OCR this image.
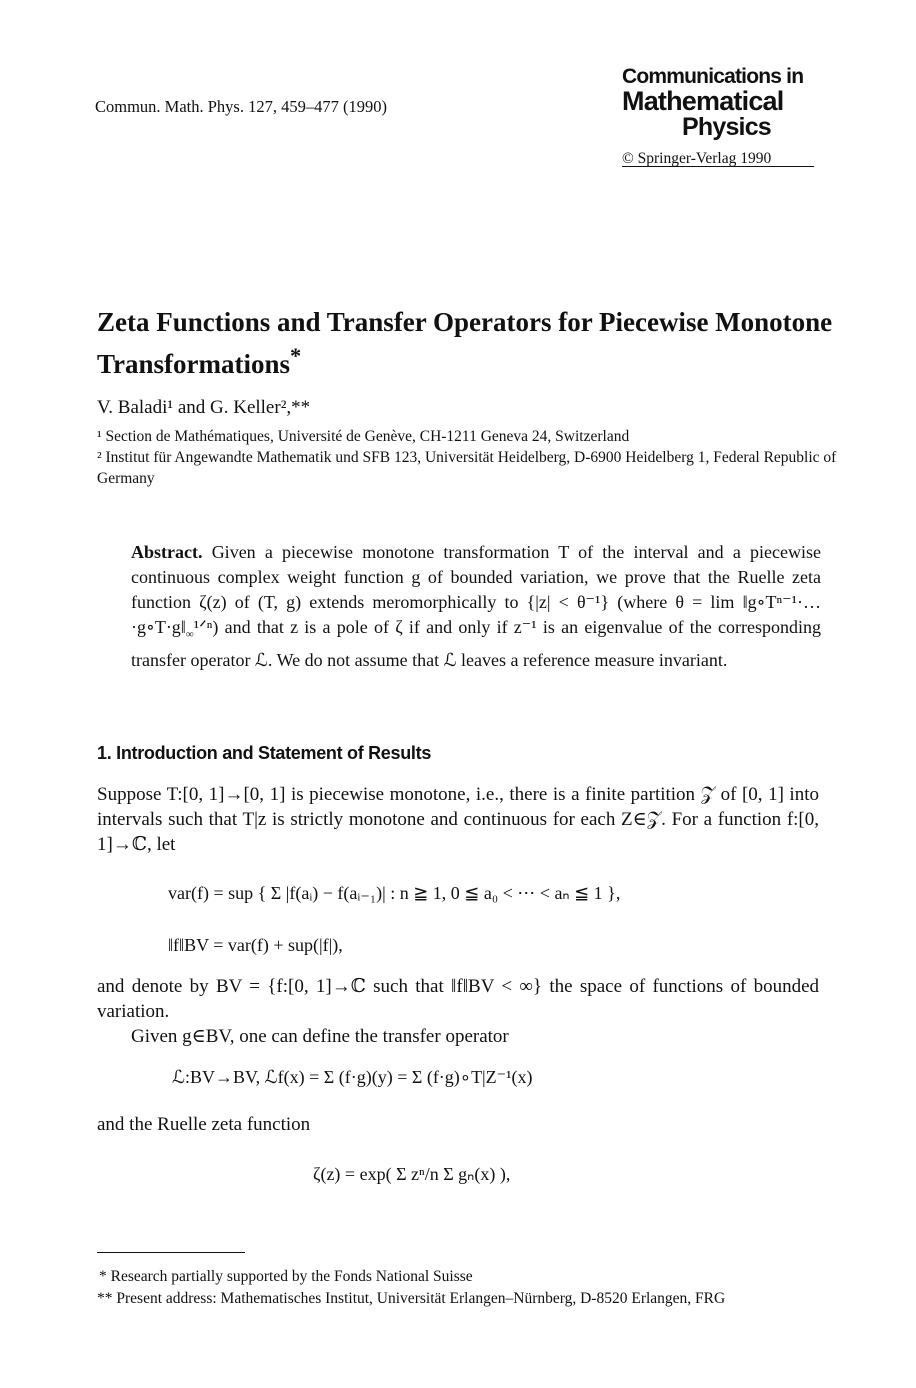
Commun. Math. Phys. 127, 459–477 (1990)
Communications in
Mathematical
Physics
© Springer-Verlag 1990
Zeta Functions and Transfer Operators for Piecewise Monotone Transformations*
V. Baladi¹ and G. Keller²,**
¹ Section de Mathématiques, Université de Genève, CH-1211 Geneva 24, Switzerland
² Institut für Angewandte Mathematik und SFB 123, Universität Heidelberg, D-6900 Heidelberg 1, Federal Republic of Germany
Abstract. Given a piecewise monotone transformation T of the interval and a piecewise continuous complex weight function g of bounded variation, we prove that the Ruelle zeta function ζ(z) of (T, g) extends meromorphically to {|z| < θ⁻¹} (where $\theta = \lim ‖g\circ T^{n-1}\cdot\dots\cdot g\circ T\cdot g‖_\infty^1ᐟ^n$) and that z is a pole of ζ if and only if z⁻¹ is an eigenvalue of the corresponding transfer operator ℒ. We do not assume that ℒ leaves a reference measure invariant.
1. Introduction and Statement of Results
Suppose T:[0, 1]→[0, 1] is piecewise monotone, i.e., there is a finite partition 𝒵 of [0, 1] into intervals such that T|z is strictly monotone and continuous for each Z∈𝒵. For a function f:[0, 1]→ℂ, let
var(f) = sup { Σ |f(aᵢ) − f(aᵢ₋₁)| : n ≧ 1, 0 ≦ a₀ < ⋯ < aₙ ≦ 1 },
‖f‖BV = var(f) + sup(|f|),
and denote by BV = {f:[0, 1]→ℂ such that ‖f‖BV < ∞} the space of functions of bounded variation.
Given g∈BV, one can define the transfer operator
ℒ:BV→BV, ℒf(x) = Σ (f·g)(y) = Σ (f·g)∘T|Z⁻¹(x)
and the Ruelle zeta function
ζ(z) = exp( Σ zⁿ/n Σ gₙ(x) ),
* Research partially supported by the Fonds National Suisse
** Present address: Mathematisches Institut, Universität Erlangen–Nürnberg, D-8520 Erlangen, FRG
